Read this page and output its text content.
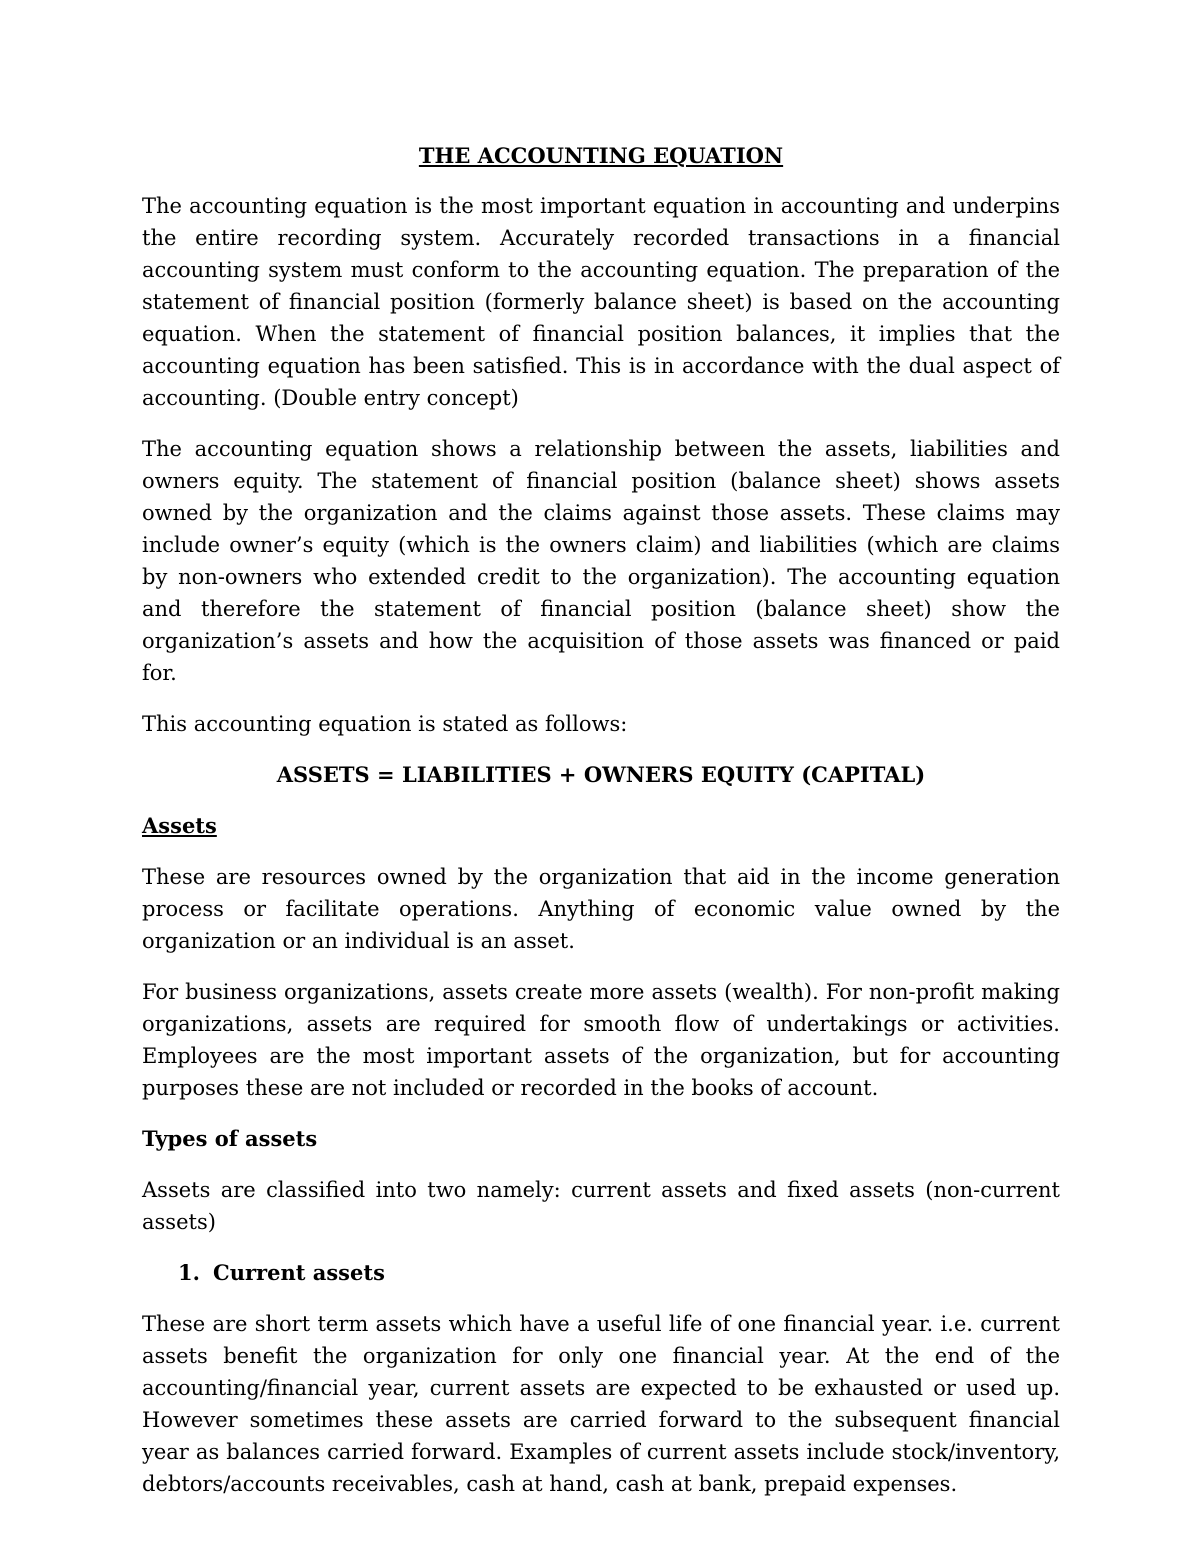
THE ACCOUNTING EQUATION

The accounting equation is the most important equation in accounting and underpins the entire recording system. Accurately recorded transactions in a financial accounting system must conform to the accounting equation. The preparation of the statement of financial position (formerly balance sheet) is based on the accounting equation. When the statement of financial position balances, it implies that the accounting equation has been satisfied. This is in accordance with the dual aspect of accounting. (Double entry concept)

The accounting equation shows a relationship between the assets, liabilities and owners equity. The statement of financial position (balance sheet) shows assets owned by the organization and the claims against those assets. These claims may include owner’s equity (which is the owners claim) and liabilities (which are claims by non-owners who extended credit to the organization). The accounting equation and therefore the statement of financial position (balance sheet) show the organization’s assets and how the acquisition of those assets was financed or paid for.

This accounting equation is stated as follows:

ASSETS = LIABILITIES + OWNERS EQUITY (CAPITAL)
Assets

These are resources owned by the organization that aid in the income generation process or facilitate operations. Anything of economic value owned by the organization or an individual is an asset.

For business organizations, assets create more assets (wealth). For non-profit making organizations, assets are required for smooth flow of undertakings or activities. Employees are the most important assets of the organization, but for accounting purposes these are not included or recorded in the books of account.

Types of assets

Assets are classified into two namely: current assets and fixed assets (non-current assets)

1. Current assets

These are short term assets which have a useful life of one financial year. i.e. current assets benefit the organization for only one financial year. At the end of the accounting/financial year, current assets are expected to be exhausted or used up. However sometimes these assets are carried forward to the subsequent financial year as balances carried forward. Examples of current assets include stock/inventory, debtors/accounts receivables, cash at hand, cash at bank, prepaid expenses.
